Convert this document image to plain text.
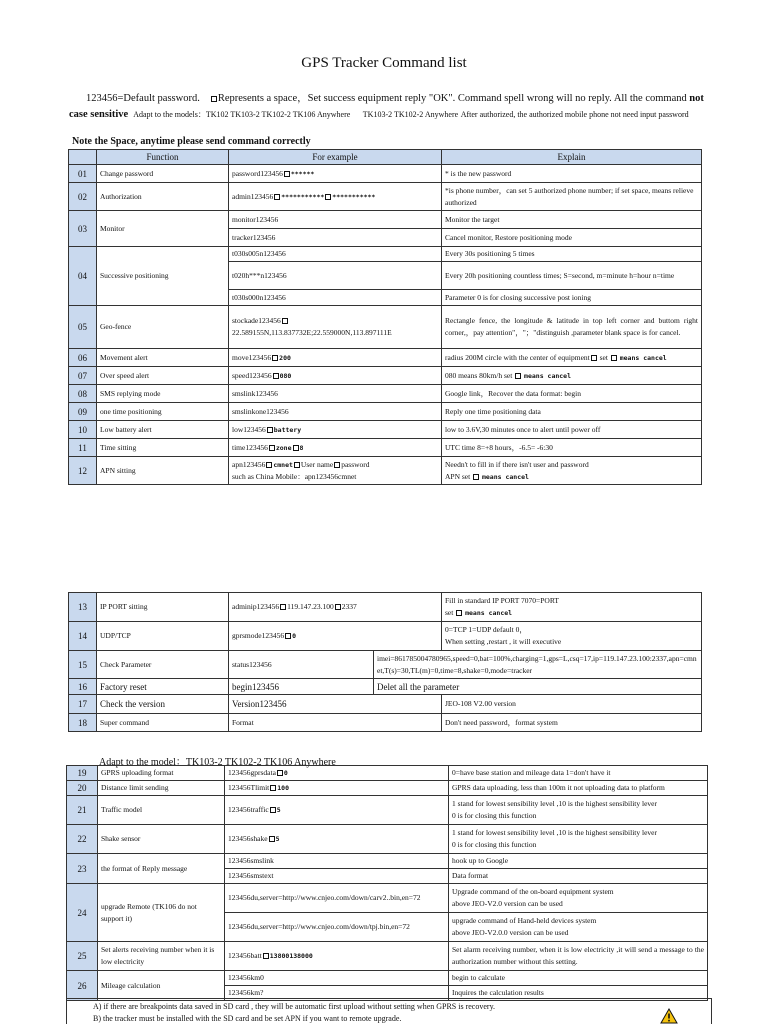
GPS Tracker Command list
123456=Default password. Represents a space，Set success equipment reply "OK". Command spell wrong will no reply. All the command not case sensitive Adapt to the models：TK102 TK103-2 TK102-2 TK106 Anywhere TK103-2 TK102-2 Anywhere After authorized, the authorized mobile phone not need input password
Note the Space, anytime please send command correctly
	Function	For example	Explain
01	Change password	password123456 ******	* is the new password
02	Authorization	admin123456 *********** ***********	*is phone number，can set 5 authorized phone number; if set space, means relieve authorized
03	Monitor	monitor123456	Monitor the target
		tracker123456	Cancel monitor, Restore positioning mode
04	Successive positioning	t030s005n123456	Every 30s positioning 5 times
		t020h***n123456	Every 20h positioning countless times; S=second, m=minute h=hour n=time
		t030s000n123456	Parameter 0 is for closing successive post ioning
05	Geo-fence	stockade12345622.589155N,113.837732E;22.559000N,113.897111E	Rectangle fence, the longitude & latitude in top left corner and buttom right corner,，pay attention"，"；"distinguish ,parameter blank space is for cancel.
06	Movement alert	move123456 200	radius 200M circle with the center of equipment set  means cancel
07	Over speed alert	speed123456 080	080 means 80km/h set  means cancel
08	SMS replying mode	smslink123456	Google link，Recover the data format: begin
09	one time positioning	smslinkone123456	Reply one time positioning data
10	Low battery alert	low123456 battery	low to 3.6V,30 minutes once to alert until power off
11	Time sitting	time123456 zone 8	UTC time 8=+8 hours，-6.5= -6:30
12	APN sitting	apn123456 cmnet User name password
such as China Mobile：apn123456cmnet	Needn't to fill in if there isn't user and password
APN set  means cancel
13	IP PORT sitting	adminip123456 119.147.23.100 2337		Fill in standard IP PORT 7070=PORT
set  means cancel
14	UDP/TCP	gprsmode123456 0		0=TCP 1=UDP default 0，
When setting ,restart , it will executive
15	Check Parameter	status123456	imei=861785004780965,speed=0,bat=100%,charging=1,gps=L,csq=17,ip=119.147.23.100:2337,apn=cmnet,T(s)=30,TL(m)=0,time=8,shake=0,mode=tracker	
16	Factory reset	begin123456	Delet all the parameter	
17	Check the version	Version123456		JEO-108 V2.00 version
18	Super command	Format		Don't need password，format system
Adapt to the model：TK103-2 TK102-2 TK106 Anywhere
19	GPRS uploading format	123456gprsdata 0	0=have base station and mileage data 1=don't have it
20	Distance limit sending	123456Tlimit 100	GPRS data uploading, less than 100m it not uploading data to platform
21	Traffic model	123456traffic 5	1 stand for lowest sensibility level ,10 is the highest sensibility lever
0 is for closing this function
22	Shake sensor	123456shake 5	1 stand for lowest sensibility level ,10 is the highest sensibility lever
0 is for closing this function
23	the format of Reply message	123456smslink	hook up to Google
		123456smstext	Data format
24	upgrade Remote (TK106 do not support it)	123456du,server=http://www.cnjeo.com/down/carv2..bin,en=72	Upgrade command of the on-board equipment system
above JEO-V2.0 version can be used
		123456du,server=http://www.cnjeo.com/down/tpj.bin,en=72	upgrade command of Hand-held devices system
above JEO-V2.0.0 version can be used
25	Set alerts receiving number when it is low electricity	123456batt 13800138000	Set alarm receiving number, when it is low electricity ,it will send a message to the authorization number without this setting.
26	Mileage calculation	123456km0	begin to calculate
		123456km?	Inquires the calculation results
A) if there are breakpoints data saved in SD card , they will be automatic first upload without setting when GPRS is recovery.
B) the tracker must be installed with the SD card and be set APN if you want to remote upgrade.
